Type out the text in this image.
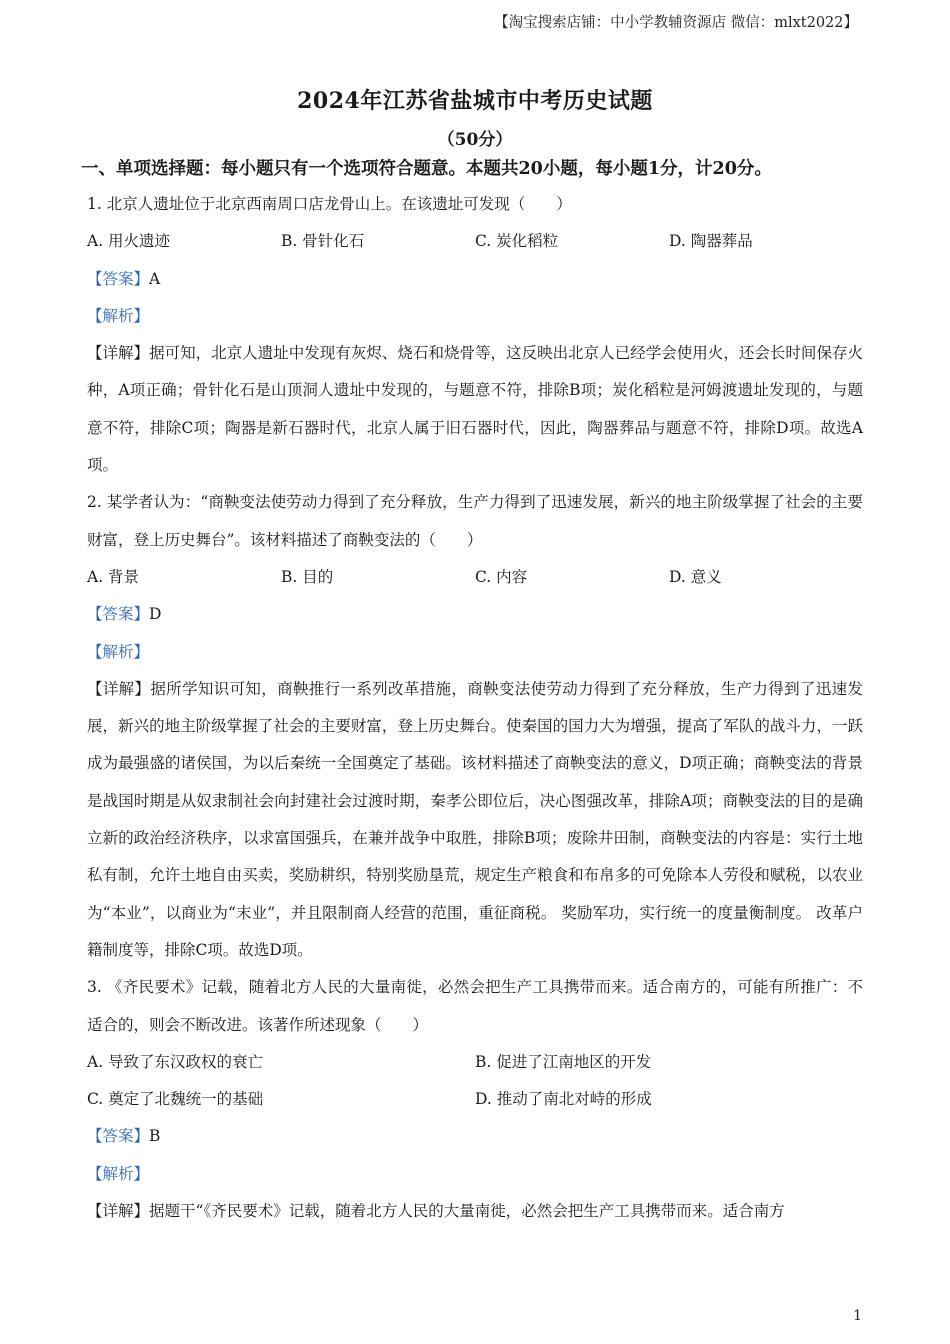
【淘宝搜索店铺：中小学教辅资源店 微信：mlxt2022】
2024年江苏省盐城市中考历史试题
（50分）
一、单项选择题：每小题只有一个选项符合题意。本题共20小题，每小题1分，计20分。
1. 北京人遗址位于北京西南周口店龙骨山上。在该遗址可发现（　　）
A. 用火遗迹	B. 骨针化石	C. 炭化稻粒	D. 陶器葬品
【答案】A
【解析】
【详解】据可知，北京人遗址中发现有灰烬、烧石和烧骨等，这反映出北京人已经学会使用火，还会长时间保存火种，A项正确；骨针化石是山顶洞人遗址中发现的，与题意不符，排除B项；炭化稻粒是河姆渡遗址发现的，与题意不符，排除C项；陶器是新石器时代，北京人属于旧石器时代，因此，陶器葬品与题意不符，排除D项。故选A项。
2. 某学者认为：“商鞅变法使劳动力得到了充分释放，生产力得到了迅速发展，新兴的地主阶级掌握了社会的主要财富，登上历史舞台”。该材料描述了商鞅变法的（　　）
A. 背景	B. 目的	C. 内容	D. 意义
【答案】D
【解析】
【详解】据所学知识可知，商鞅推行一系列改革措施，商鞅变法使劳动力得到了充分释放，生产力得到了迅速发展，新兴的地主阶级掌握了社会的主要财富，登上历史舞台。使秦国的国力大为增强，提高了军队的战斗力，一跃成为最强盛的诸侯国，为以后秦统一全国奠定了基础。该材料描述了商鞅变法的意义，D项正确；商鞅变法的背景是战国时期是从奴隶制社会向封建社会过渡时期，秦孝公即位后，决心图强改革，排除A项；商鞅变法的目的是确立新的政治经济秩序，以求富国强兵，在兼并战争中取胜，排除B项；废除井田制，商鞅变法的内容是：实行土地私有制，允许土地自由买卖，奖励耕织，特别奖励垦荒，规定生产粮食和布帛多的可免除本人劳役和赋税，以农业为“本业”，以商业为“末业”，并且限制商人经营的范围，重征商税。 奖励军功，实行统一的度量衡制度。 改革户籍制度等，排除C项。故选D项。
3. 《齐民要术》记载，随着北方人民的大量南徙，必然会把生产工具携带而来。适合南方的，可能有所推广：不适合的，则会不断改进。该著作所述现象（　　）
A. 导致了东汉政权的衰亡	B. 促进了江南地区的开发
C. 奠定了北魏统一的基础	D. 推动了南北对峙的形成
【答案】B
【解析】
【详解】据题干“《齐民要术》记载，随着北方人民的大量南徙，必然会把生产工具携带而来。适合南方
1
